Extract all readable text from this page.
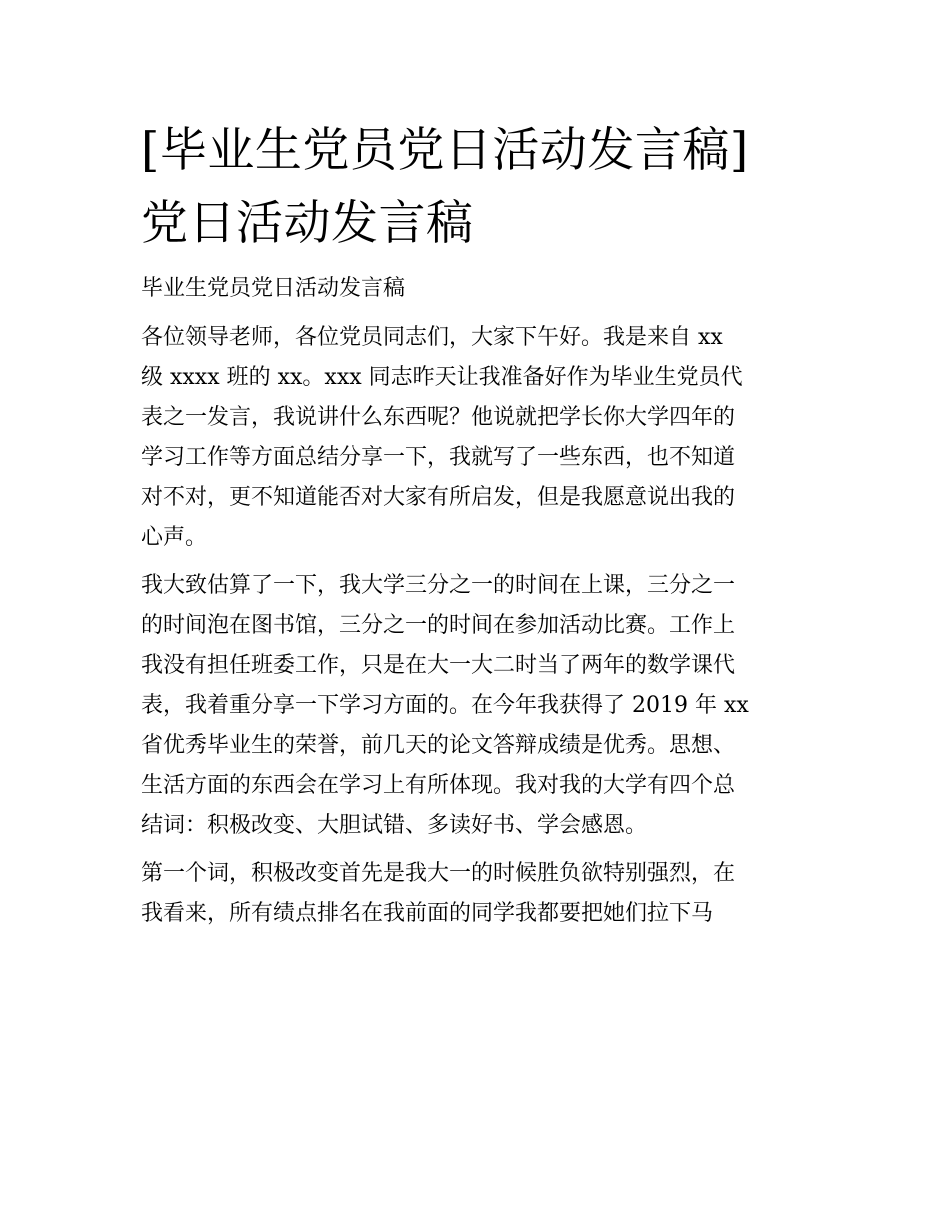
[毕业生党员党日活动发言稿]
党日活动发言稿

毕业生党员党日活动发言稿

各位领导老师，各位党员同志们，大家下午好。我是来自 xx
级 xxxx 班的 xx。xxx 同志昨天让我准备好作为毕业生党员代
表之一发言，我说讲什么东西呢？他说就把学长你大学四年的
学习工作等方面总结分享一下，我就写了一些东西，也不知道
对不对，更不知道能否对大家有所启发，但是我愿意说出我的
心声。

我大致估算了一下，我大学三分之一的时间在上课，三分之一
的时间泡在图书馆，三分之一的时间在参加活动比赛。工作上
我没有担任班委工作，只是在大一大二时当了两年的数学课代
表，我着重分享一下学习方面的。在今年我获得了 2019 年 xx
省优秀毕业生的荣誉，前几天的论文答辩成绩是优秀。思想、
生活方面的东西会在学习上有所体现。我对我的大学有四个总
结词：积极改变、大胆试错、多读好书、学会感恩。

第一个词，积极改变首先是我大一的时候胜负欲特别强烈，在
我看来，所有绩点排名在我前面的同学我都要把她们拉下马
